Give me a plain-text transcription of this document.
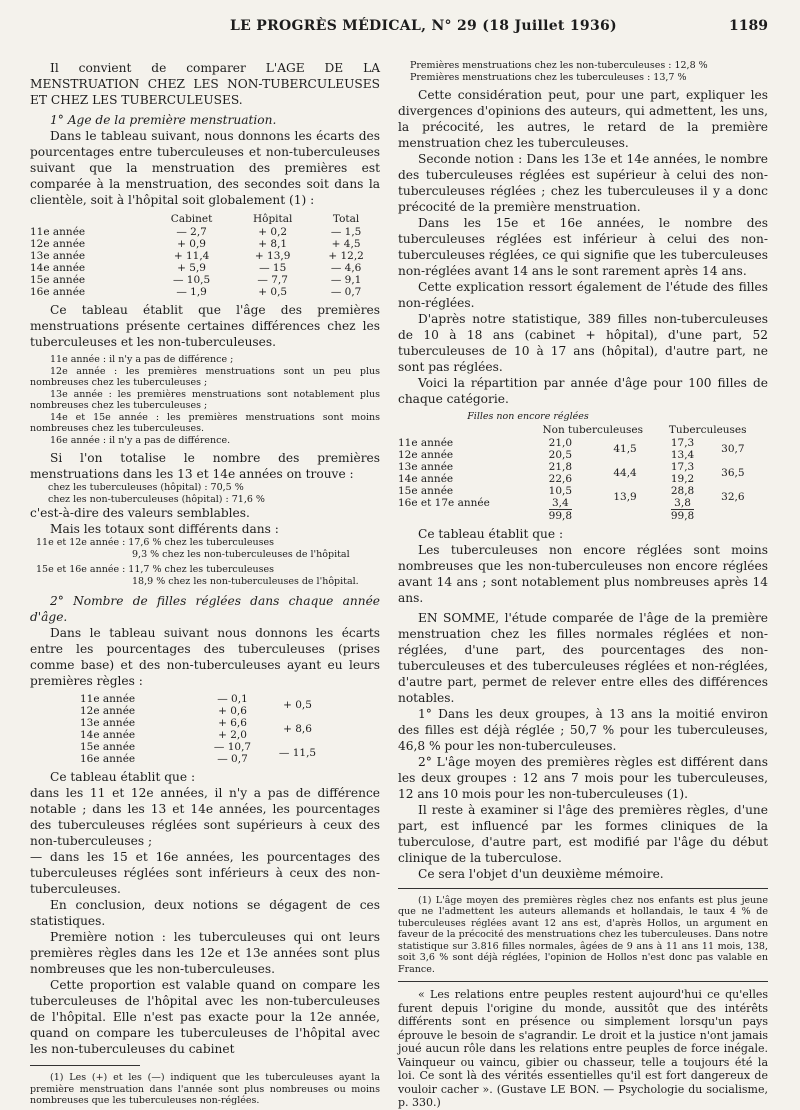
LE PROGRÈS MÉDICAL, N° 29 (18 Juillet 1936)	1189

Il convient de comparer L'AGE DE LA MENSTRUATION CHEZ LES NON-TUBERCULEUSES ET CHEZ LES TUBERCULEUSES.

1° Age de la première menstruation.

Dans le tableau suivant, nous donnons les écarts des pourcentages entre tuberculeuses et non-tuberculeuses suivant que la menstruation des premières est comparée à la menstruation, des secondes soit dans la clientèle, soit à l'hôpital soit globalement (1) :

	Cabinet	Hôpital	Total
11e année	— 2,7	+ 0,2	— 1,5
12e année	+ 0,9	+ 8,1	+ 4,5
13e année	+ 11,4	+ 13,9	+ 12,2
14e année	+ 5,9	— 15	— 4,6
15e année	— 10,5	— 7,7	— 9,1
16e année	— 1,9	+ 0,5	— 0,7

Ce tableau établit que l'âge des premières menstruations présente certaines différences chez les tuberculeuses et les non-tuberculeuses.

11e année : il n'y a pas de différence ;

12e année : les premières menstruations sont un peu plus nombreuses chez les tuberculeuses ;

13e année : les premières menstruations sont notablement plus nombreuses chez les tuberculeuses ;

14e et 15e année : les premières menstruations sont moins nombreuses chez les tuberculeuses.

16e année : il n'y a pas de différence.

Si l'on totalise le nombre des premières menstruations dans les 13 et 14e années on trouve :

chez les tuberculeuses (hôpital) : 70,5 %
chez les non-tuberculeuses (hôpital) : 71,6 %

c'est-à-dire des valeurs semblables.

Mais les totaux sont différents dans :

11e et 12e année : 17,6 % chez les tuberculeuses
9,3 % chez les non-tuberculeuses de l'hôpital
15e et 16e année : 11,7 % chez les tuberculeuses
18,9 % chez les non-tuberculeuses de l'hôpital.

2° Nombre de filles réglées dans chaque année d'âge.

Dans le tableau suivant nous donnons les écarts entre les pourcentages des tuberculeuses (prises comme base) et des non-tuberculeuses ayant eu leurs premières règles :

11e année	— 0,1	+ 0,5
12e année	+ 0,6	
13e année	+ 6,6	+ 8,6
14e année	+ 2,0	
15e année	— 10,7	— 11,5
16e année	— 0,7	

Ce tableau établit que :

dans les 11 et 12e années, il n'y a pas de différence notable ; dans les 13 et 14e années, les pourcentages des tuberculeuses réglées sont supérieurs à ceux des non-tuberculeuses ;

— dans les 15 et 16e années, les pourcentages des tuberculeuses réglées sont inférieurs à ceux des non-tuberculeuses.

En conclusion, deux notions se dégagent de ces statistiques.

Première notion : les tuberculeuses qui ont leurs premières règles dans les 12e et 13e années sont plus nombreuses que les non-tuberculeuses.

Cette proportion est valable quand on compare les tuberculeuses de l'hôpital avec les non-tuberculeuses de l'hôpital. Elle n'est pas exacte pour la 12e année, quand on compare les tuberculeuses de l'hôpital avec les non-tuberculeuses du cabinet

(1) Les (+) et les (—) indiquent que les tuberculeuses ayant la première menstruation dans l'année sont plus nombreuses ou moins nombreuses que les tuberculeuses non-réglées.

Premières menstruations chez les non-tuberculeuses : 12,8 %
Premières menstruations chez les tuberculeuses : 13,7 %

Cette considération peut, pour une part, expliquer les divergences d'opinions des auteurs, qui admettent, les uns, la précocité, les autres, le retard de la première menstruation chez les tuberculeuses.

Seconde notion : Dans les 13e et 14e années, le nombre des tuberculeuses réglées est supérieur à celui des non-tuberculeuses réglées ; chez les tuberculeuses il y a donc précocité de la première menstruation.

Dans les 15e et 16e années, le nombre des tuberculeuses réglées est inférieur à celui des non-tuberculeuses réglées, ce qui signifie que les tuberculeuses non-réglées avant 14 ans le sont rarement après 14 ans.

Cette explication ressort également de l'étude des filles non-réglées.

D'après notre statistique, 389 filles non-tuberculeuses de 10 à 18 ans (cabinet + hôpital), d'une part, 52 tuberculeuses de 10 à 17 ans (hôpital), d'autre part, ne sont pas réglées.

Voici la répartition par année d'âge pour 100 filles de chaque catégorie.

Filles non encore réglées
	Non tuberculeuses		Tuberculeuses	
11e année	21,0	41,5	17,3	30,7
12e année	20,5		13,4	
13e année	21,8	44,4	17,3	36,5
14e année	22,6		19,2	
15e année	10,5	13,9	28,8	32,6
16e et 17e année	3,4		3,8	
	99,8		99,8	

Ce tableau établit que :

Les tuberculeuses non encore réglées sont moins nombreuses que les non-tuberculeuses non encore réglées avant 14 ans ; sont notablement plus nombreuses après 14 ans.

EN SOMME, l'étude comparée de l'âge de la première menstruation chez les filles normales réglées et non-réglées, d'une part, des pourcentages des non-tuberculeuses et des tuberculeuses réglées et non-réglées, d'autre part, permet de relever entre elles des différences notables.

1° Dans les deux groupes, à 13 ans la moitié environ des filles est déjà réglée ; 50,7 % pour les tuberculeuses, 46,8 % pour les non-tuberculeuses.

2° L'âge moyen des premières règles est différent dans les deux groupes : 12 ans 7 mois pour les tuberculeuses, 12 ans 10 mois pour les non-tuberculeuses (1).

Il reste à examiner si l'âge des premières règles, d'une part, est influencé par les formes cliniques de la tuberculose, d'autre part, est modifié par l'âge du début clinique de la tuberculose.

Ce sera l'objet d'un deuxième mémoire.

(1) L'âge moyen des premières règles chez nos enfants est plus jeune que ne l'admettent les auteurs allemands et hollandais, le taux 4 % de tuberculeuses réglées avant 12 ans est, d'après Hollos, un argument en faveur de la précocité des menstruations chez les tuberculeuses. Dans notre statistique sur 3.816 filles normales, âgées de 9 ans à 11 ans 11 mois, 138, soit 3,6 % sont déjà réglées, l'opinion de Hollos n'est donc pas valable en France.

« Les relations entre peuples restent aujourd'hui ce qu'elles furent depuis l'origine du monde, aussitôt que des intérêts différents sont en présence ou simplement lorsqu'un pays éprouve le besoin de s'agrandir. Le droit et la justice n'ont jamais joué aucun rôle dans les relations entre peuples de force inégale. Vainqueur ou vaincu, gibier ou chasseur, telle a toujours été la loi. Ce sont là des vérités essentielles qu'il est fort dangereux de vouloir cacher ». (Gustave LE BON. — Psychologie du socialisme, p. 330.)
